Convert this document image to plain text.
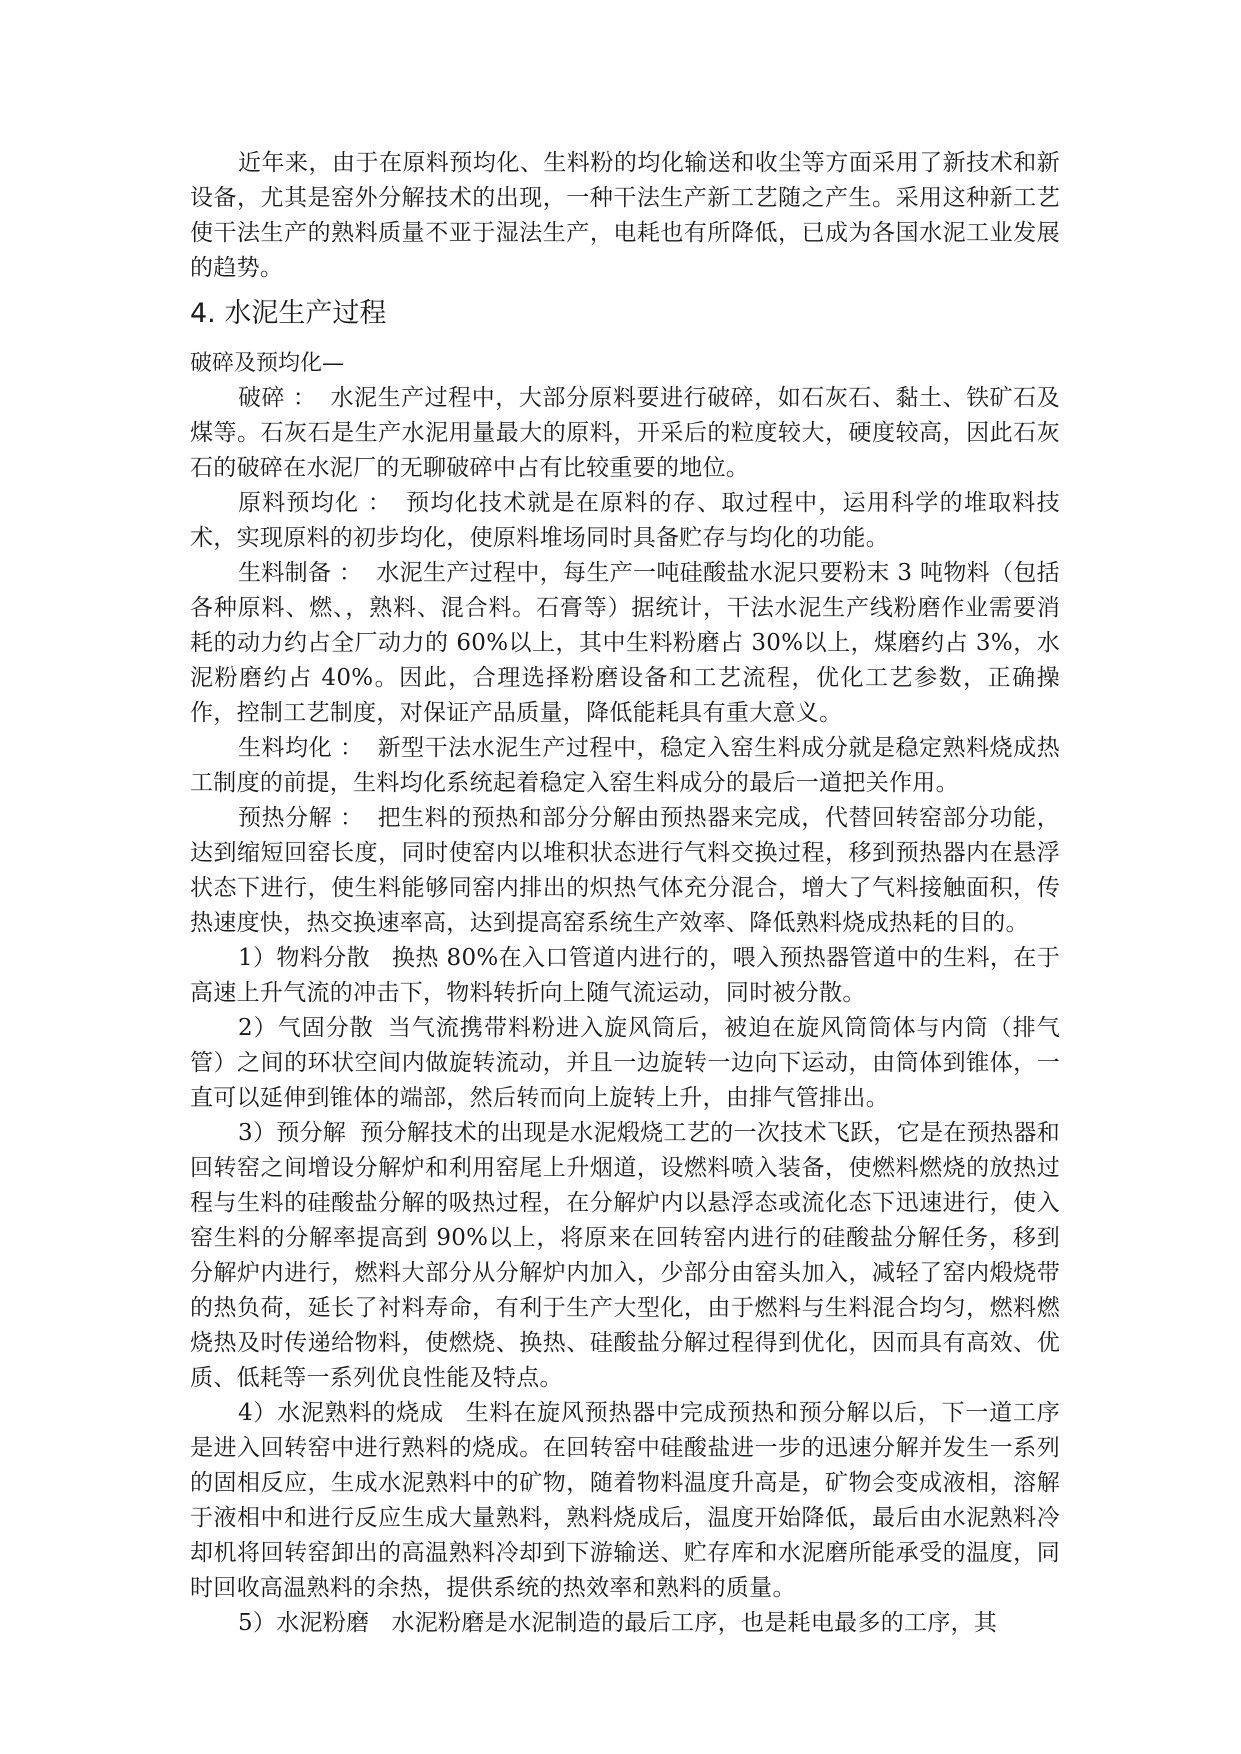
近年来，由于在原料预均化、生料粉的均化输送和收尘等方面采用了新技术和新设备，尤其是窑外分解技术的出现，一种干法生产新工艺随之产生。采用这种新工艺使干法生产的熟料质量不亚于湿法生产，电耗也有所降低，已成为各国水泥工业发展的趋势。

4. 水泥生产过程

破碎及预均化—

破碎 ： 水泥生产过程中，大部分原料要进行破碎，如石灰石、黏土、铁矿石及煤等。石灰石是生产水泥用量最大的原料，开采后的粒度较大，硬度较高，因此石灰石的破碎在水泥厂的无聊破碎中占有比较重要的地位。

原料预均化 ： 预均化技术就是在原料的存、取过程中，运用科学的堆取料技术，实现原料的初步均化，使原料堆场同时具备贮存与均化的功能。

生料制备 ： 水泥生产过程中，每生产一吨硅酸盐水泥只要粉末 3 吨物料（包括各种原料、燃、，熟料、混合料。石膏等）据统计，干法水泥生产线粉磨作业需要消耗的动力约占全厂动力的 60%以上，其中生料粉磨占 30%以上，煤磨约占 3%，水泥粉磨约占 40%。因此，合理选择粉磨设备和工艺流程，优化工艺参数，正确操作，控制工艺制度，对保证产品质量，降低能耗具有重大意义。

生料均化 ： 新型干法水泥生产过程中，稳定入窑生料成分就是稳定熟料烧成热工制度的前提，生料均化系统起着稳定入窑生料成分的最后一道把关作用。

预热分解 ： 把生料的预热和部分分解由预热器来完成，代替回转窑部分功能，达到缩短回窑长度，同时使窑内以堆积状态进行气料交换过程，移到预热器内在悬浮状态下进行，使生料能够同窑内排出的炽热气体充分混合，增大了气料接触面积，传热速度快，热交换速率高，达到提高窑系统生产效率、降低熟料烧成热耗的目的。

1）物料分散 换热 80%在入口管道内进行的，喂入预热器管道中的生料，在于高速上升气流的冲击下，物料转折向上随气流运动，同时被分散。

2）气固分散 当气流携带料粉进入旋风筒后，被迫在旋风筒筒体与内筒（排气管）之间的环状空间内做旋转流动，并且一边旋转一边向下运动，由筒体到锥体，一直可以延伸到锥体的端部，然后转而向上旋转上升，由排气管排出。

3）预分解 预分解技术的出现是水泥煅烧工艺的一次技术飞跃，它是在预热器和回转窑之间增设分解炉和利用窑尾上升烟道，设燃料喷入装备，使燃料燃烧的放热过程与生料的硅酸盐分解的吸热过程，在分解炉内以悬浮态或流化态下迅速进行，使入窑生料的分解率提高到 90%以上，将原来在回转窑内进行的硅酸盐分解任务，移到分解炉内进行，燃料大部分从分解炉内加入，少部分由窑头加入，减轻了窑内煅烧带的热负荷，延长了衬料寿命，有利于生产大型化，由于燃料与生料混合均匀，燃料燃烧热及时传递给物料，使燃烧、换热、硅酸盐分解过程得到优化，因而具有高效、优质、低耗等一系列优良性能及特点。

4）水泥熟料的烧成 生料在旋风预热器中完成预热和预分解以后，下一道工序是进入回转窑中进行熟料的烧成。在回转窑中硅酸盐进一步的迅速分解并发生一系列的固相反应，生成水泥熟料中的矿物，随着物料温度升高是，矿物会变成液相，溶解于液相中和进行反应生成大量熟料，熟料烧成后，温度开始降低，最后由水泥熟料冷却机将回转窑卸出的高温熟料冷却到下游输送、贮存库和水泥磨所能承受的温度，同时回收高温熟料的余热，提供系统的热效率和熟料的质量。

5）水泥粉磨 水泥粉磨是水泥制造的最后工序，也是耗电最多的工序，其
